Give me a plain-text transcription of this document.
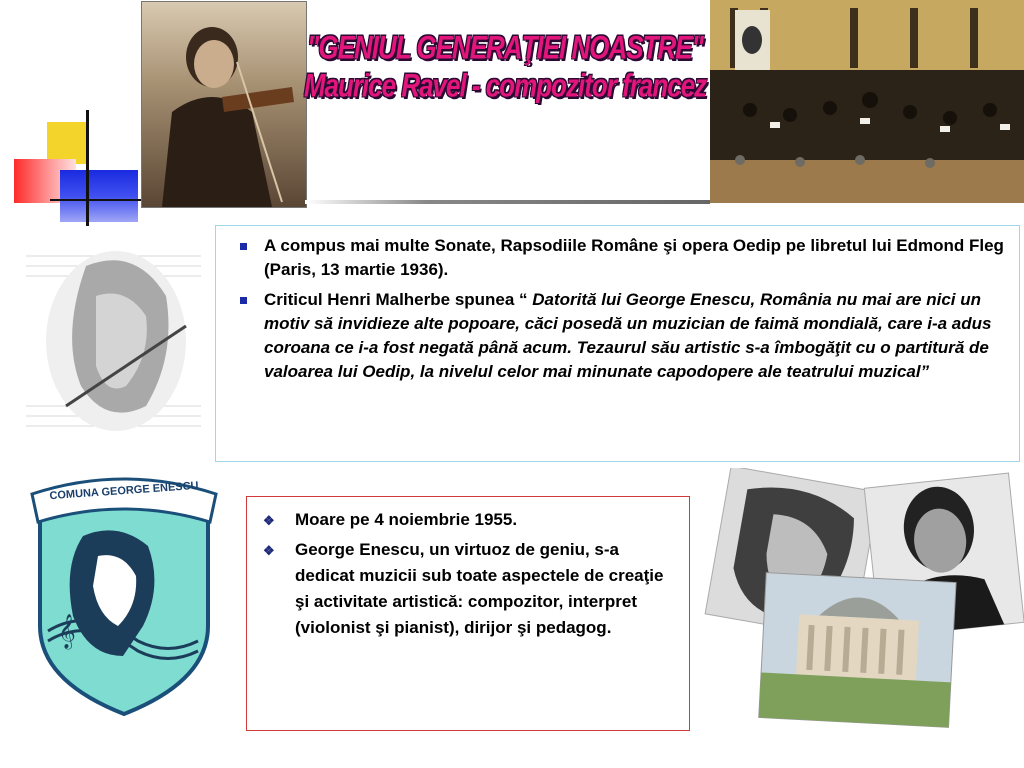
"GENIUL GENERAŢIEI NOASTRE"
Maurice Ravel - compozitor francez
A compus mai multe Sonate, Rapsodiile Române şi opera Oedip pe libretul lui Edmond Fleg (Paris, 13 martie 1936).
Criticul Henri Malherbe spunea “ Datorită lui George Enescu, România nu mai are nici un motiv să invidieze alte popoare, căci posedă un muzician de faimă mondială, care i-a adus coroana ce i-a fost negată până acum. Tezaurul său artistic s-a îmbogăţit cu o partitură de valoarea lui Oedip, la nivelul celor mai minunate capodopere ale teatrului muzical”
𝄞
COMUNA GEORGE ENESCU
❖ Moare pe 4 noiembrie 1955.
❖ George Enescu, un virtuoz de geniu, s-a dedicat muzicii sub toate aspectele de creaţie şi activitate artistică: compozitor, interpret (violonist şi pianist), dirijor şi pedagog.
